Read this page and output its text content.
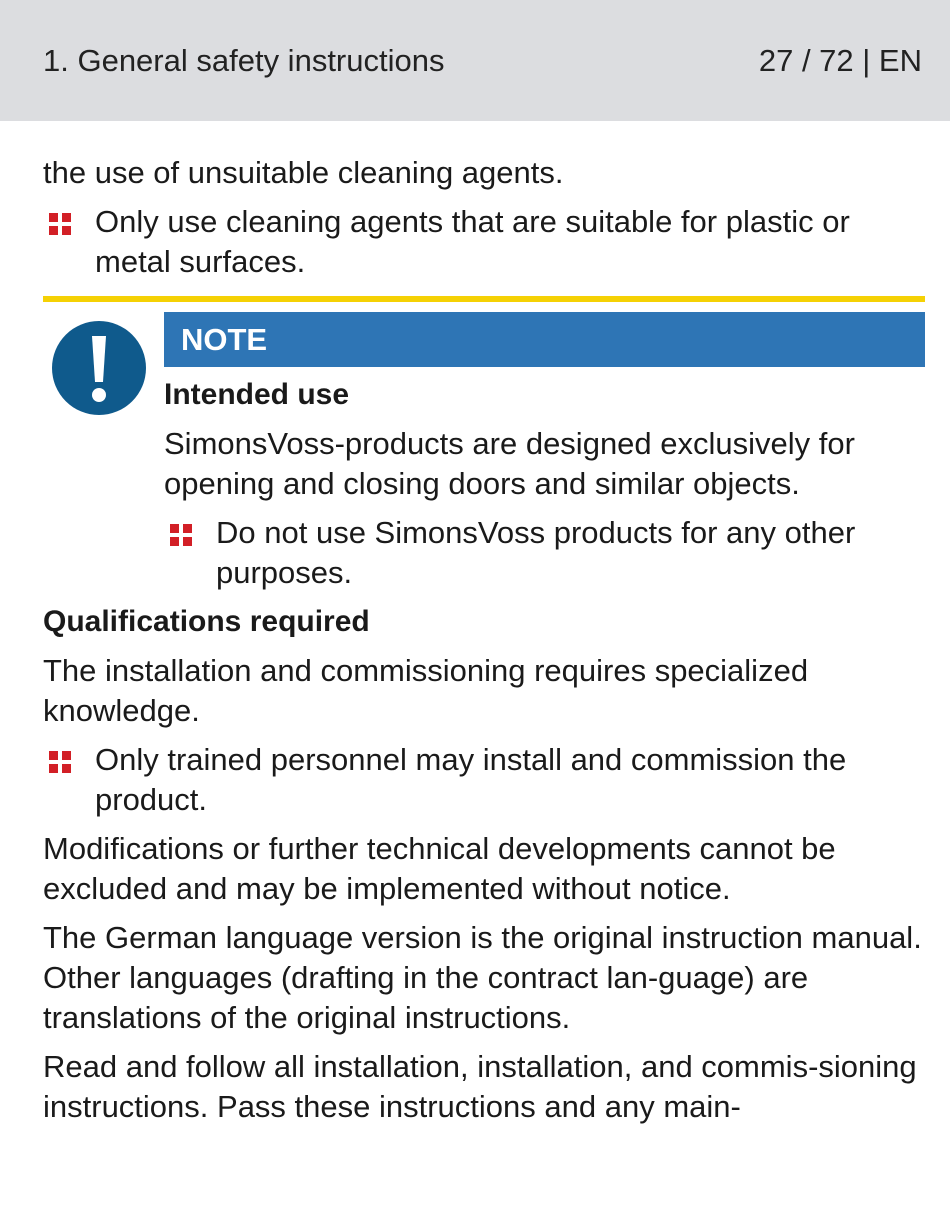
1. General safety instructions	27 / 72 | EN

the use of unsuitable cleaning agents.

Only use cleaning agents that are suitable for plastic or metal surfaces.
NOTE
Intended use

SimonsVoss-products are designed exclusively for opening and closing doors and similar objects.

Do not use SimonsVoss products for any other purposes.
Qualifications required

The installation and commissioning requires specialized knowledge.

Only trained personnel may install and commission the product.

Modifications or further technical developments cannot be excluded and may be implemented without notice.

The German language version is the original instruction manual. Other languages (drafting in the contract lan-guage) are translations of the original instructions.

Read and follow all installation, installation, and commis-sioning instructions. Pass these instructions and any main-
